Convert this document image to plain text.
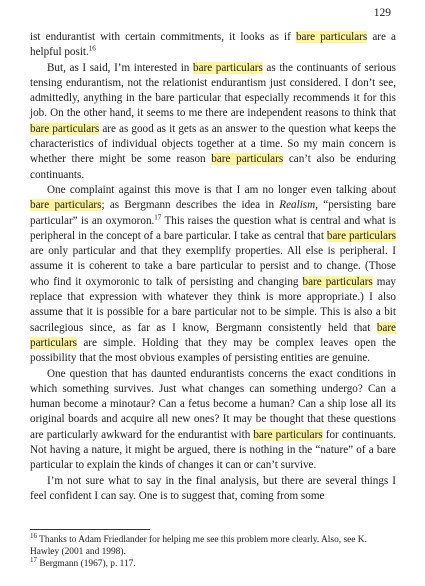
129

ist endurantist with certain commitments, it looks as if bare particulars are a helpful posit.$^{16}$

But, as I said, I’m interested in bare particulars as the continuants of serious tensing endurantism, not the relationist endurantism just considered. I don’t see, admittedly, anything in the bare particular that especially recommends it for this job. On the other hand, it seems to me there are independent reasons to think that bare particulars are as good as it gets as an answer to the question what keeps the characteristics of individual objects together at a time. So my main concern is whether there might be some reason bare particulars can’t also be enduring continuants.

One complaint against this move is that I am no longer even talking about bare particulars; as Bergmann describes the idea in Realism, “persisting bare particular” is an oxymoron.$^{17}$ This raises the question what is central and what is peripheral in the concept of a bare particular. I take as central that bare particulars are only particular and that they exemplify properties. All else is peripheral. I assume it is coherent to take a bare particular to persist and to change. (Those who find it oxymoronic to talk of persisting and changing bare particulars may replace that expression with whatever they think is more appropriate.) I also assume that it is possible for a bare particular not to be simple. This is also a bit sacrilegious since, as far as I know, Bergmann consistently held that bare particulars are simple. Holding that they may be complex leaves open the possibility that the most obvious examples of persisting entities are genuine.

One question that has daunted endurantists concerns the exact conditions in which something survives. Just what changes can something undergo? Can a human become a minotaur? Can a fetus become a human? Can a ship lose all its original boards and acquire all new ones? It may be thought that these questions are particularly awkward for the endurantist with bare particulars for continuants. Not having a nature, it might be argued, there is nothing in the “nature” of a bare particular to explain the kinds of changes it can or can’t survive.

I’m not sure what to say in the final analysis, but there are several things I feel confident I can say. One is to suggest that, coming from some

$^{16}$ Thanks to Adam Friedlander for helping me see this problem more clearly. Also, see K. Hawley (2001 and 1998).

$^{17}$ Bergmann (1967), p. 117.
